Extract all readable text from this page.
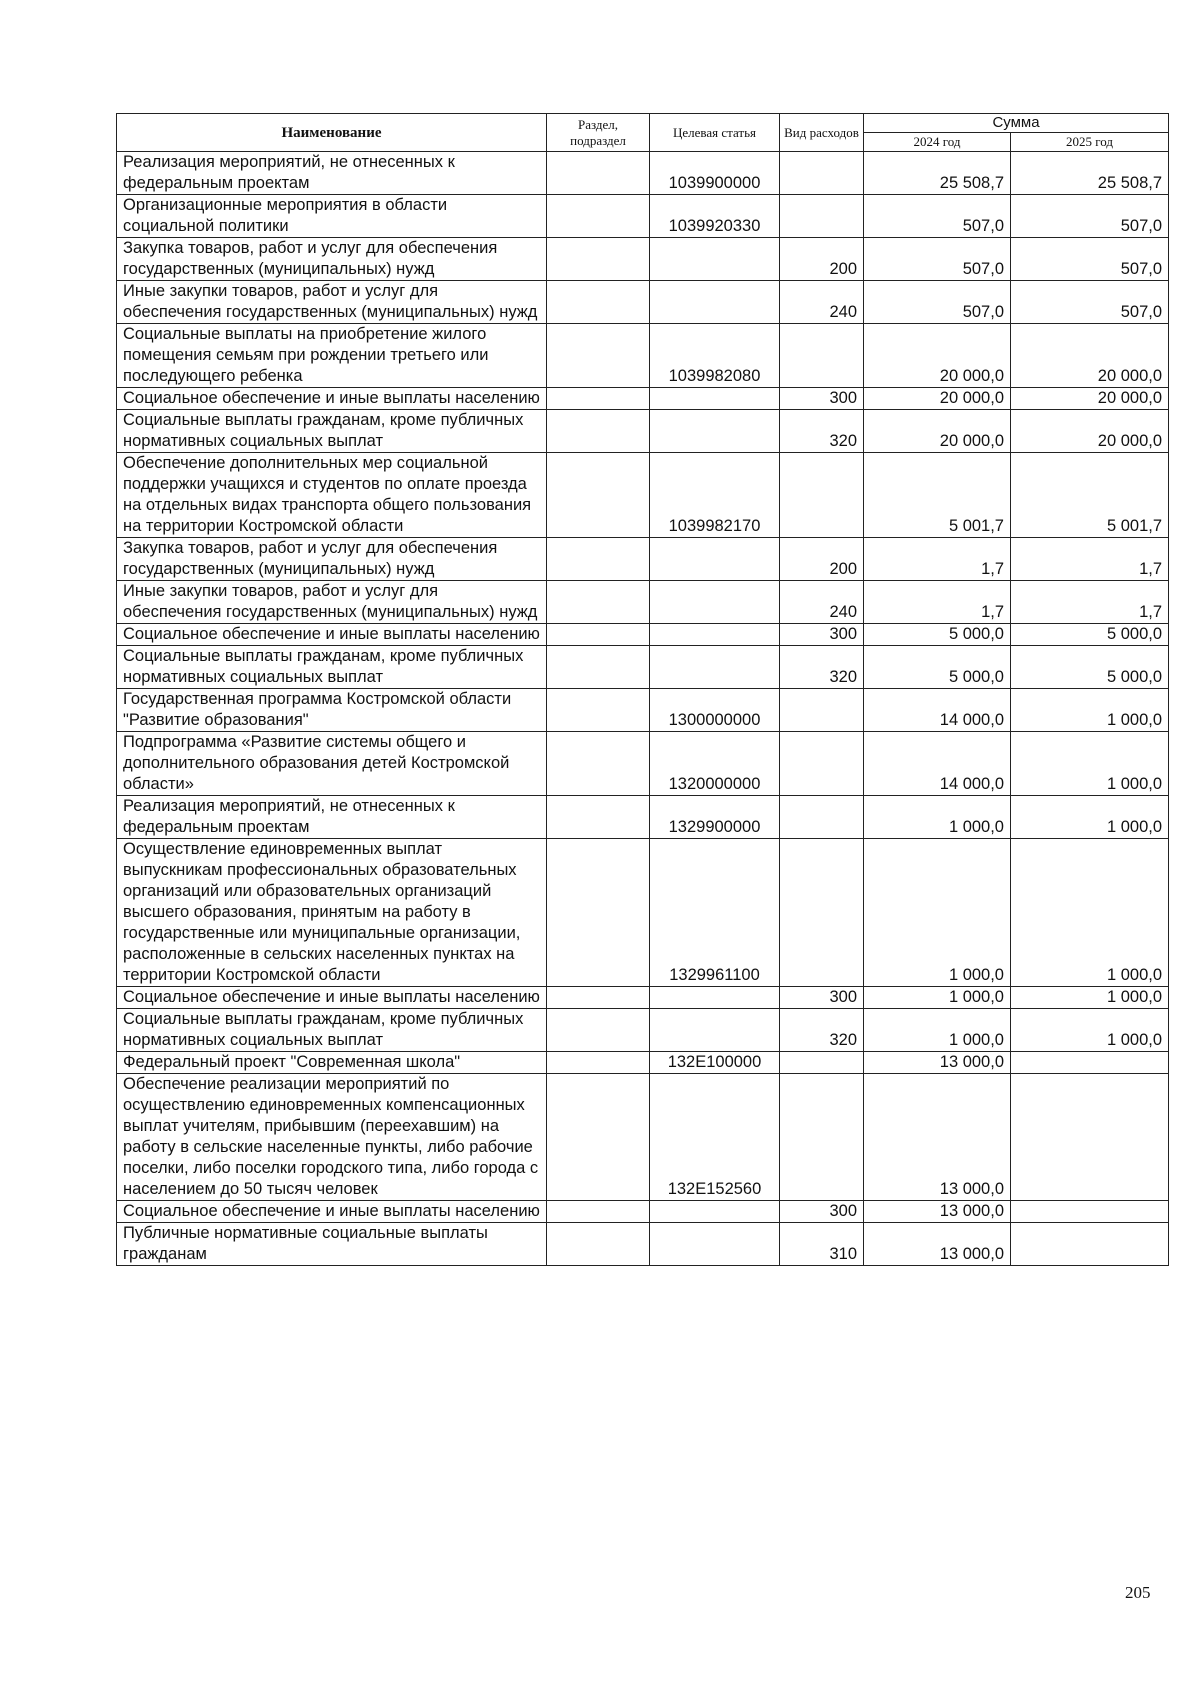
Наименование	Раздел, подраздел	Целевая статья	Вид расходов	Сумма	
				2024 год	2025 год
Реализация мероприятий, не отнесенных к федеральным проектам		1039900000		25 508,7	25 508,7
Организационные мероприятия в области социальной политики		1039920330		507,0	507,0
Закупка товаров, работ и услуг для обеспечения государственных (муниципальных) нужд			200	507,0	507,0
Иные закупки товаров, работ и услуг для обеспечения государственных (муниципальных) нужд			240	507,0	507,0
Социальные выплаты на приобретение жилого помещения семьям при рождении третьего или последующего ребенка		1039982080		20 000,0	20 000,0
Социальное обеспечение и иные выплаты населению			300	20 000,0	20 000,0
Социальные выплаты гражданам, кроме публичных нормативных социальных выплат			320	20 000,0	20 000,0
Обеспечение дополнительных мер социальной поддержки учащихся и студентов по оплате проезда на отдельных видах транспорта общего пользования на территории Костромской области		1039982170		5 001,7	5 001,7
Закупка товаров, работ и услуг для обеспечения государственных (муниципальных) нужд			200	1,7	1,7
Иные закупки товаров, работ и услуг для обеспечения государственных (муниципальных) нужд			240	1,7	1,7
Социальное обеспечение и иные выплаты населению			300	5 000,0	5 000,0
Социальные выплаты гражданам, кроме публичных нормативных социальных выплат			320	5 000,0	5 000,0
Государственная программа Костромской области "Развитие образования"		1300000000		14 000,0	1 000,0
Подпрограмма «Развитие системы общего и дополнительного образования детей Костромской области»		1320000000		14 000,0	1 000,0
Реализация мероприятий, не отнесенных к федеральным проектам		1329900000		1 000,0	1 000,0
Осуществление единовременных выплат выпускникам профессиональных образовательных организаций или образовательных организаций высшего образования, принятым на работу в государственные или муниципальные организации, расположенные в сельских населенных пунктах на территории Костромской области		1329961100		1 000,0	1 000,0
Социальное обеспечение и иные выплаты населению			300	1 000,0	1 000,0
Социальные выплаты гражданам, кроме публичных нормативных социальных выплат			320	1 000,0	1 000,0
Федеральный проект "Современная школа"		132E100000		13 000,0	
Обеспечение реализации мероприятий по осуществлению единовременных компенсационных выплат учителям, прибывшим (переехавшим) на работу в сельские населенные пункты, либо рабочие поселки, либо поселки городского типа, либо города с населением до 50 тысяч человек		132E152560		13 000,0	
Социальное обеспечение и иные выплаты населению			300	13 000,0	
Публичные нормативные социальные выплаты гражданам			310	13 000,0	
205
